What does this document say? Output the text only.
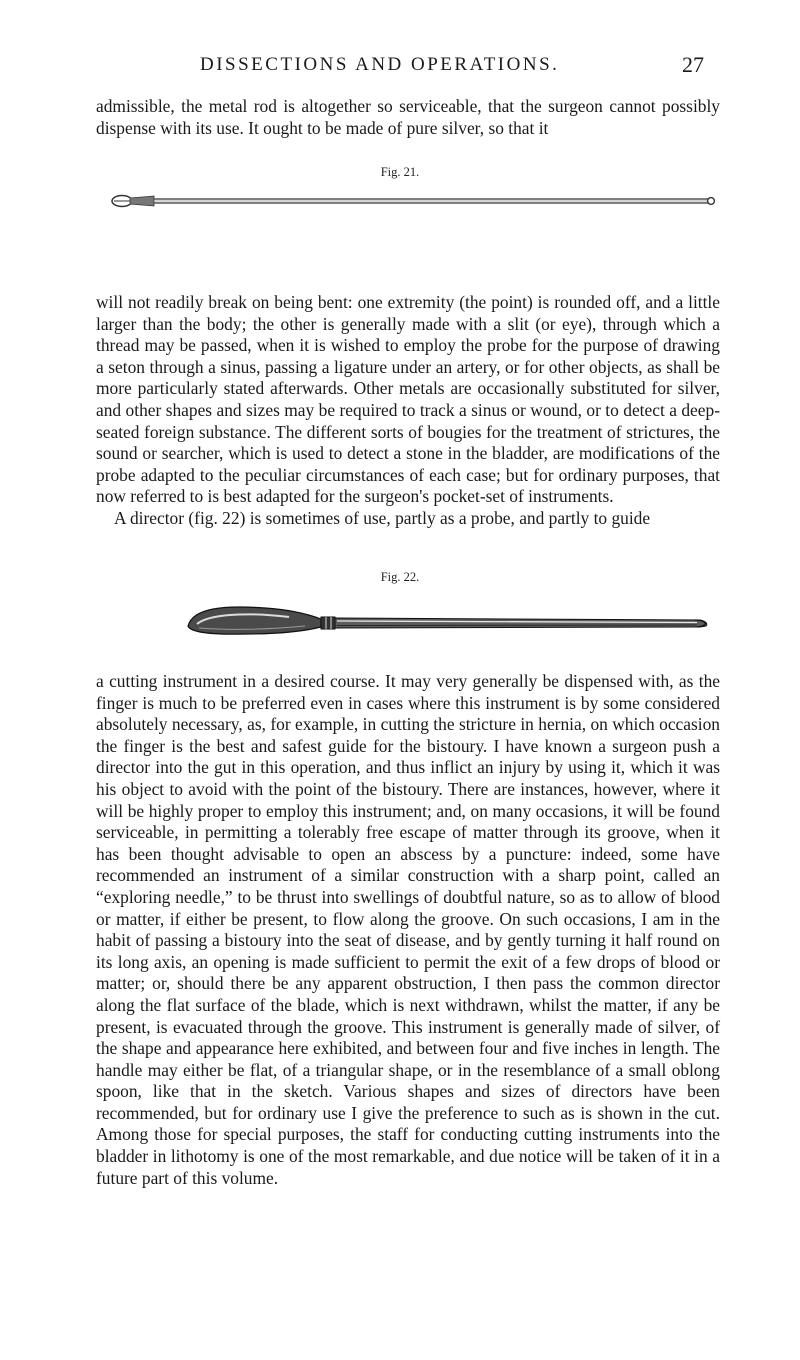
DISSECTIONS AND OPERATIONS.	27

admissible, the metal rod is altogether so serviceable, that the surgeon cannot possibly dispense with its use. It ought to be made of pure silver, so that it

Fig. 21.

will not readily break on being bent: one extremity (the point) is rounded off, and a little larger than the body; the other is generally made with a slit (or eye), through which a thread may be passed, when it is wished to employ the probe for the purpose of drawing a seton through a sinus, passing a ligature under an artery, or for other objects, as shall be more particularly stated afterwards. Other metals are occasionally substituted for silver, and other shapes and sizes may be required to track a sinus or wound, or to detect a deep-seated foreign substance. The different sorts of bougies for the treatment of strictures, the sound or searcher, which is used to detect a stone in the bladder, are modifications of the probe adapted to the peculiar circumstances of each case; but for ordinary purposes, that now referred to is best adapted for the surgeon's pocket-set of instruments.

A director (fig. 22) is sometimes of use, partly as a probe, and partly to guide

Fig. 22.

a cutting instrument in a desired course. It may very generally be dispensed with, as the finger is much to be preferred even in cases where this instrument is by some considered absolutely necessary, as, for example, in cutting the stricture in hernia, on which occasion the finger is the best and safest guide for the bistoury. I have known a surgeon push a director into the gut in this operation, and thus inflict an injury by using it, which it was his object to avoid with the point of the bistoury. There are instances, however, where it will be highly proper to employ this instrument; and, on many occasions, it will be found serviceable, in permitting a tolerably free escape of matter through its groove, when it has been thought advisable to open an abscess by a puncture: indeed, some have recommended an instrument of a similar construction with a sharp point, called an “exploring needle,” to be thrust into swellings of doubtful nature, so as to allow of blood or matter, if either be present, to flow along the groove. On such occasions, I am in the habit of passing a bistoury into the seat of disease, and by gently turning it half round on its long axis, an opening is made sufficient to permit the exit of a few drops of blood or matter; or, should there be any apparent obstruction, I then pass the common director along the flat surface of the blade, which is next withdrawn, whilst the matter, if any be present, is evacuated through the groove. This instrument is generally made of silver, of the shape and appearance here exhibited, and between four and five inches in length. The handle may either be flat, of a triangular shape, or in the resemblance of a small oblong spoon, like that in the sketch. Various shapes and sizes of directors have been recommended, but for ordinary use I give the preference to such as is shown in the cut. Among those for special purposes, the staff for conducting cutting instruments into the bladder in lithotomy is one of the most remarkable, and due notice will be taken of it in a future part of this volume.
